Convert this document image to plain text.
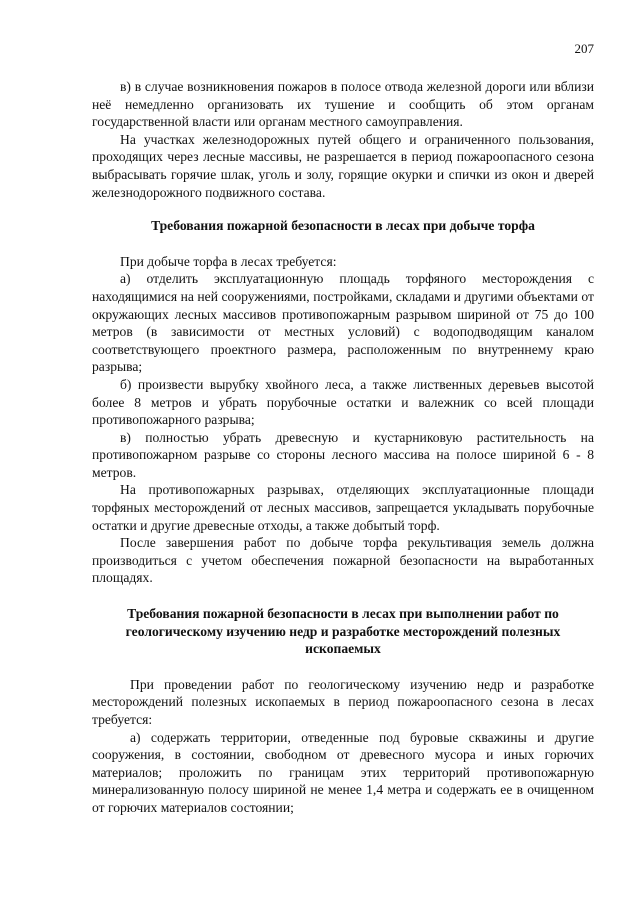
207

в) в случае возникновения пожаров в полосе отвода железной дороги или вблизи неё немедленно организовать их тушение и сообщить об этом органам государственной власти или органам местного самоуправления.

На участках железнодорожных путей общего и ограниченного пользования, проходящих через лесные массивы, не разрешается в период пожароопасного сезона выбрасывать горячие шлак, уголь и золу, горящие окурки и спички из окон и дверей железнодорожного подвижного состава.

Требования пожарной безопасности в лесах при добыче торфа

При добыче торфа в лесах требуется:

а) отделить эксплуатационную площадь торфяного месторождения с находящимися на ней сооружениями, постройками, складами и другими объектами от окружающих лесных массивов противопожарным разрывом шириной от 75 до 100 метров (в зависимости от местных условий) с водоподводящим каналом соответствующего проектного размера, расположенным по внутреннему краю разрыва;

б) произвести вырубку хвойного леса, а также лиственных деревьев высотой более 8 метров и убрать порубочные остатки и валежник со всей площади противопожарного разрыва;

в) полностью убрать древесную и кустарниковую растительность на противопожарном разрыве со стороны лесного массива на полосе шириной 6 - 8 метров.

На противопожарных разрывах, отделяющих эксплуатационные площади торфяных месторождений от лесных массивов, запрещается укладывать порубочные остатки и другие древесные отходы, а также добытый торф.

После завершения работ по добыче торфа рекультивация земель должна производиться с учетом обеспечения пожарной безопасности на выработанных площадях.

Требования пожарной безопасности в лесах при выполнении работ по геологическому изучению недр и разработке месторождений полезных ископаемых

При проведении работ по геологическому изучению недр и разработке месторождений полезных ископаемых в период пожароопасного сезона в лесах требуется:

а) содержать территории, отведенные под буровые скважины и другие сооружения, в состоянии, свободном от древесного мусора и иных горючих материалов; проложить по границам этих территорий противопожарную минерализованную полосу шириной не менее 1,4 метра и содержать ее в очищенном от горючих материалов состоянии;
